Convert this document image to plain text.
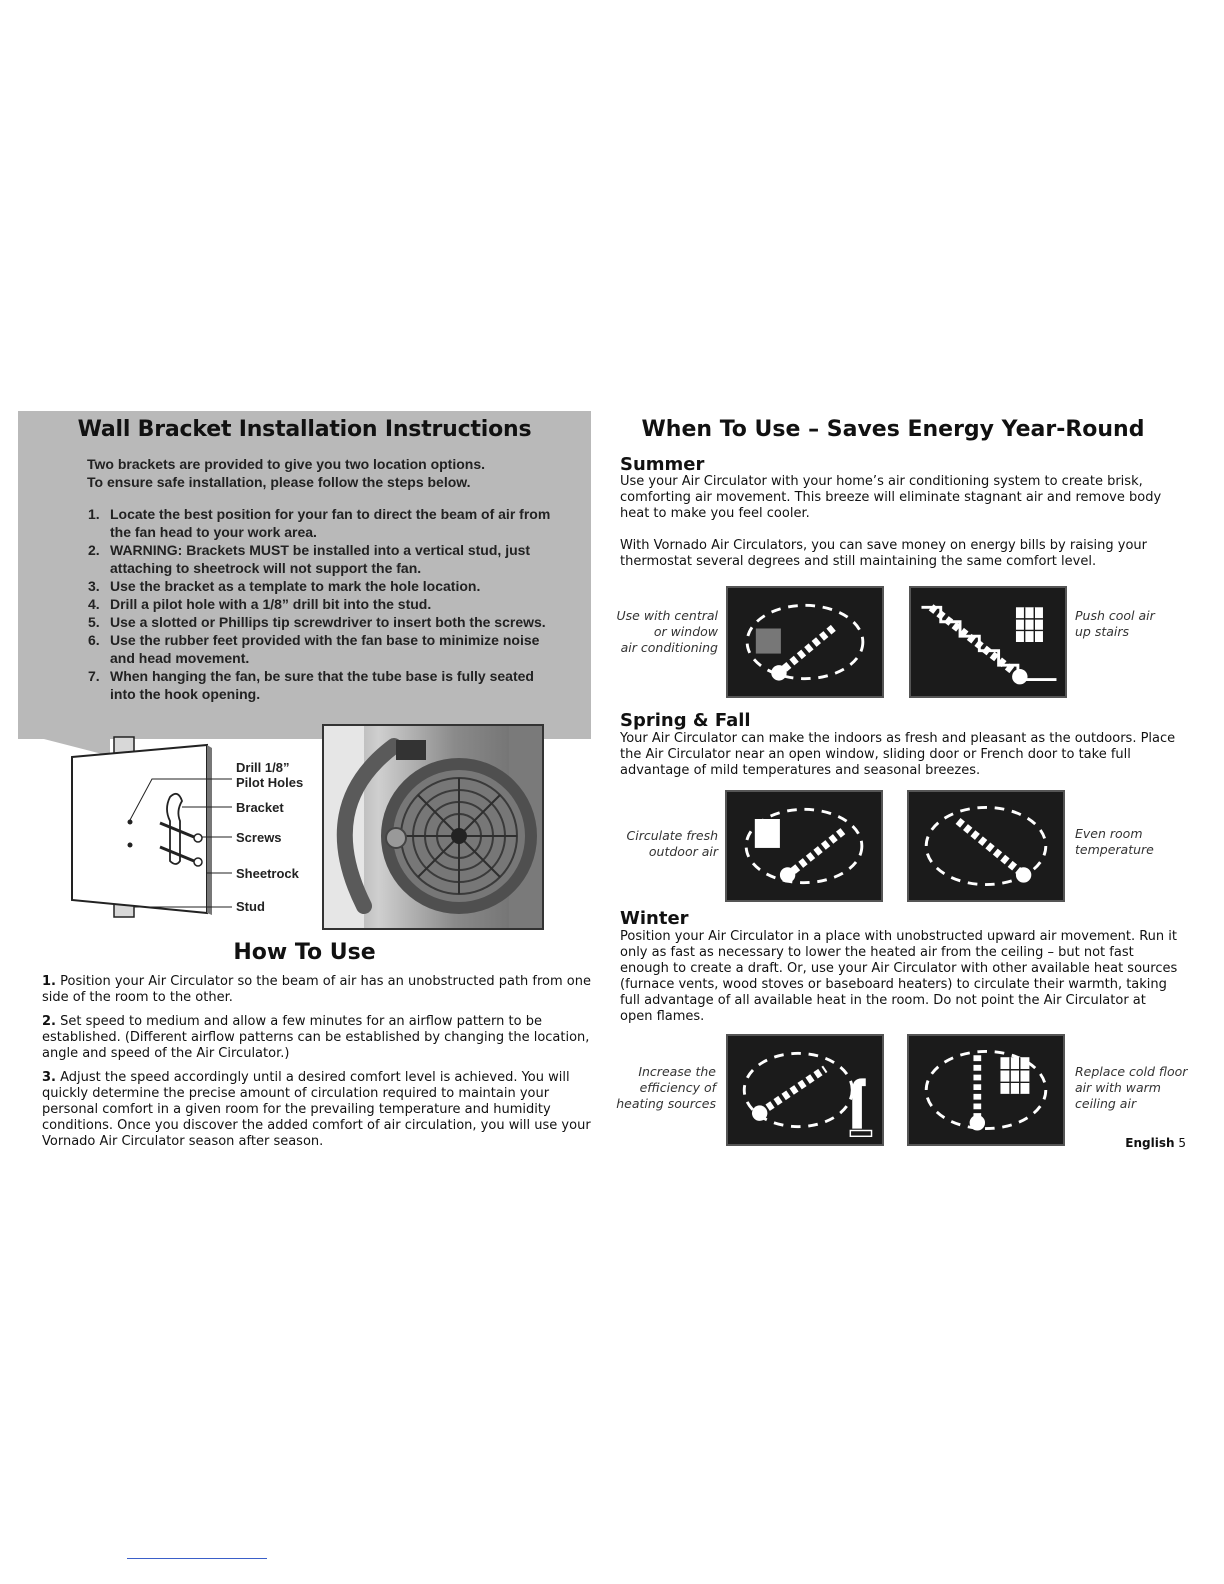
Wall Bracket Installation Instructions
Two brackets are provided to give you two location options.
To ensure safe installation, please follow the steps below.
1. Locate the best position for your fan to direct the beam of air from the fan head to your work area.
2. WARNING: Brackets MUST be installed into a vertical stud, just attaching to sheetrock will not support the fan.
3. Use the bracket as a template to mark the hole location.
4. Drill a pilot hole with a 1/8” drill bit into the stud.
5. Use a slotted or Phillips tip screwdriver to insert both the screws.
6. Use the rubber feet provided with the fan base to minimize noise and head movement.
7. When hanging the fan, be sure that the tube base is fully seated into the hook opening.
Drill 1/8”
Pilot Holes
Bracket
Screws
Sheetrock
Stud
How To Use

1. Position your Air Circulator so the beam of air has an unobstructed path from one side of the room to the other.

2. Set speed to medium and allow a few minutes for an airflow pattern to be established. (Different airflow patterns can be established by changing the location, angle and speed of the Air Circulator.)

3. Adjust the speed accordingly until a desired comfort level is achieved. You will quickly determine the precise amount of circulation required to maintain your personal comfort in a given room for the prevailing temperature and humidity conditions. Once you discover the added comfort of air circulation, you will use your Vornado Air Circulator season after season.

When To Use – Saves Energy Year-Round
Summer

Use your Air Circulator with your home’s air conditioning system to create brisk, comforting air movement. This breeze will eliminate stagnant air and remove body heat to make you feel cooler.

With Vornado Air Circulators, you can save money on energy bills by raising your thermostat several degrees and still maintaining the same comfort level.

Use with central
or window
air conditioning
Push cool air
up stairs
Spring & Fall

Your Air Circulator can make the indoors as fresh and pleasant as the outdoors. Place the Air Circulator near an open window, sliding door or French door to take full advantage of mild temperatures and seasonal breezes.

Circulate fresh
outdoor air
Even room
temperature
Winter

Position your Air Circulator in a place with unobstructed upward air movement. Run it only as fast as necessary to lower the heated air from the ceiling – but not fast enough to create a draft. Or, use your Air Circulator with other available heat sources (furnace vents, wood stoves or baseboard heaters) to circulate their warmth, taking full advantage of all available heat in the room. Do not point the Air Circulator at open flames.

Increase the
efficiency of
heating sources
Replace cold floor
air with warm
ceiling air
English 5
